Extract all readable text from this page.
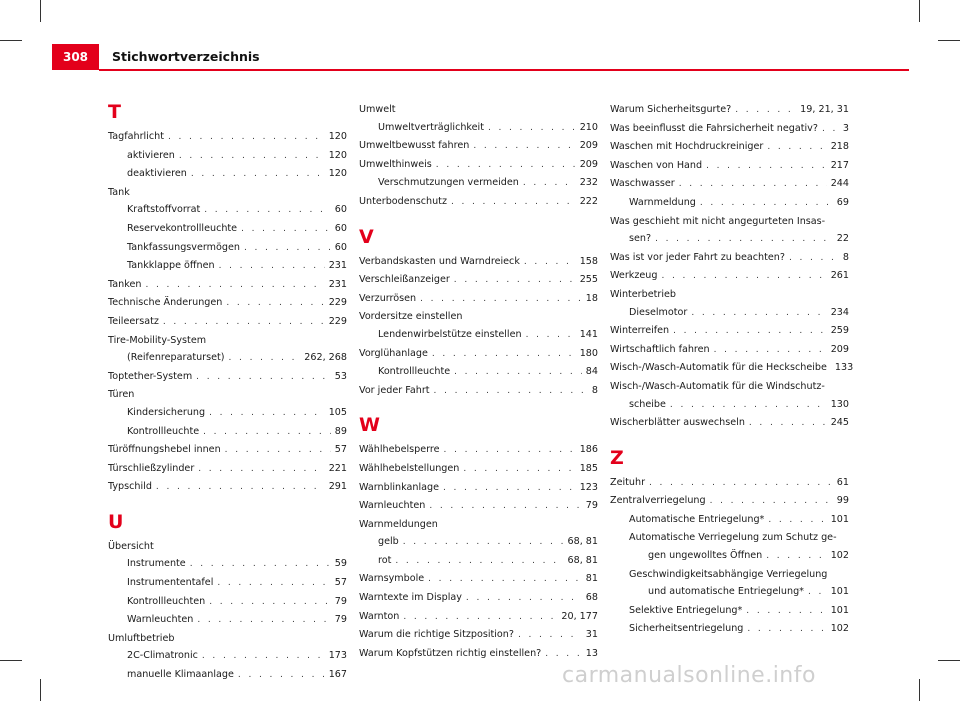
308	Stichwortverzeichnis
T
Tagfahrlicht . . .	120
aktivieren . . .	120
deaktivieren . . .	120
Tank
Kraftstoffvorrat . . .	60
Reservekontrollleuchte . . .	60
Tankfassungsvermögen . . .	60
Tankklappe öffnen . . .	231
Tanken . . .	231
Technische Änderungen . . .	229
Teileersatz . . .	229
Tire-Mobility-System
(Reifenreparaturset) . . .	262, 268
Toptether-System . . .	53
Türen
Kindersicherung . . .	105
Kontrollleuchte . . .	89
Türöffnungshebel innen . . .	57
Türschließzylinder . . .	221
Typschild . . .	291
U
Übersicht
Instrumente . . .	59
Instrumententafel . . .	57
Kontrollleuchten . . .	79
Warnleuchten . . .	79
Umluftbetrieb
2C-Climatronic . . .	173
manuelle Klimaanlage . . .	167
Umwelt
Umweltverträglichkeit . . .	210
Umweltbewusst fahren . . .	209
Umwelthinweis . . .	209
Verschmutzungen vermeiden . . .	232
Unterbodenschutz . . .	222
V
Verbandskasten und Warndreieck . . .	158
Verschleißanzeiger . . .	255
Verzurrösen . . .	18
Vordersitze einstellen
Lendenwirbelstütze einstellen . . .	141
Vorglühanlage . . .	180
Kontrollleuchte . . .	84
Vor jeder Fahrt . . .	8
W
Wählhebelsperre . . .	186
Wählhebelstellungen . . .	185
Warnblinkanlage . . .	123
Warnleuchten . . .	79
Warnmeldungen
gelb . . .	68, 81
rot . . .	68, 81
Warnsymbole . . .	81
Warntexte im Display . . .	68
Warnton . . .	20, 177
Warum die richtige Sitzposition? . . .	31
Warum Kopfstützen richtig einstellen? . . .	13
Warum Sicherheitsgurte? . . .	19, 21, 31
Was beeinflusst die Fahrsicherheit negativ? . . .	3
Waschen mit Hochdruckreiniger . . .	218
Waschen von Hand . . .	217
Waschwasser . . .	244
Warnmeldung . . .	69
Was geschieht mit nicht angegurteten Insas-
sen? . . .	22
Was ist vor jeder Fahrt zu beachten? . . .	8
Werkzeug . . .	261
Winterbetrieb
Dieselmotor . . .	234
Winterreifen . . .	259
Wirtschaftlich fahren . . .	209
Wisch-/Wasch-Automatik für die Heckscheibe 133
Wisch-/Wasch-Automatik für die Windschutz-
scheibe . . .	130
Wischerblätter auswechseln . . .	245
Z
Zeituhr . . .	61
Zentralverriegelung . . .	99
Automatische Entriegelung* . . .	101
Automatische Verriegelung zum Schutz ge-
gen ungewolltes Öffnen . . .	102
Geschwindigkeitsabhängige Verriegelung
und automatische Entriegelung* . . .	101
Selektive Entriegelung* . . .	101
Sicherheitsentriegelung . . .	102
carmanualsonline.info
